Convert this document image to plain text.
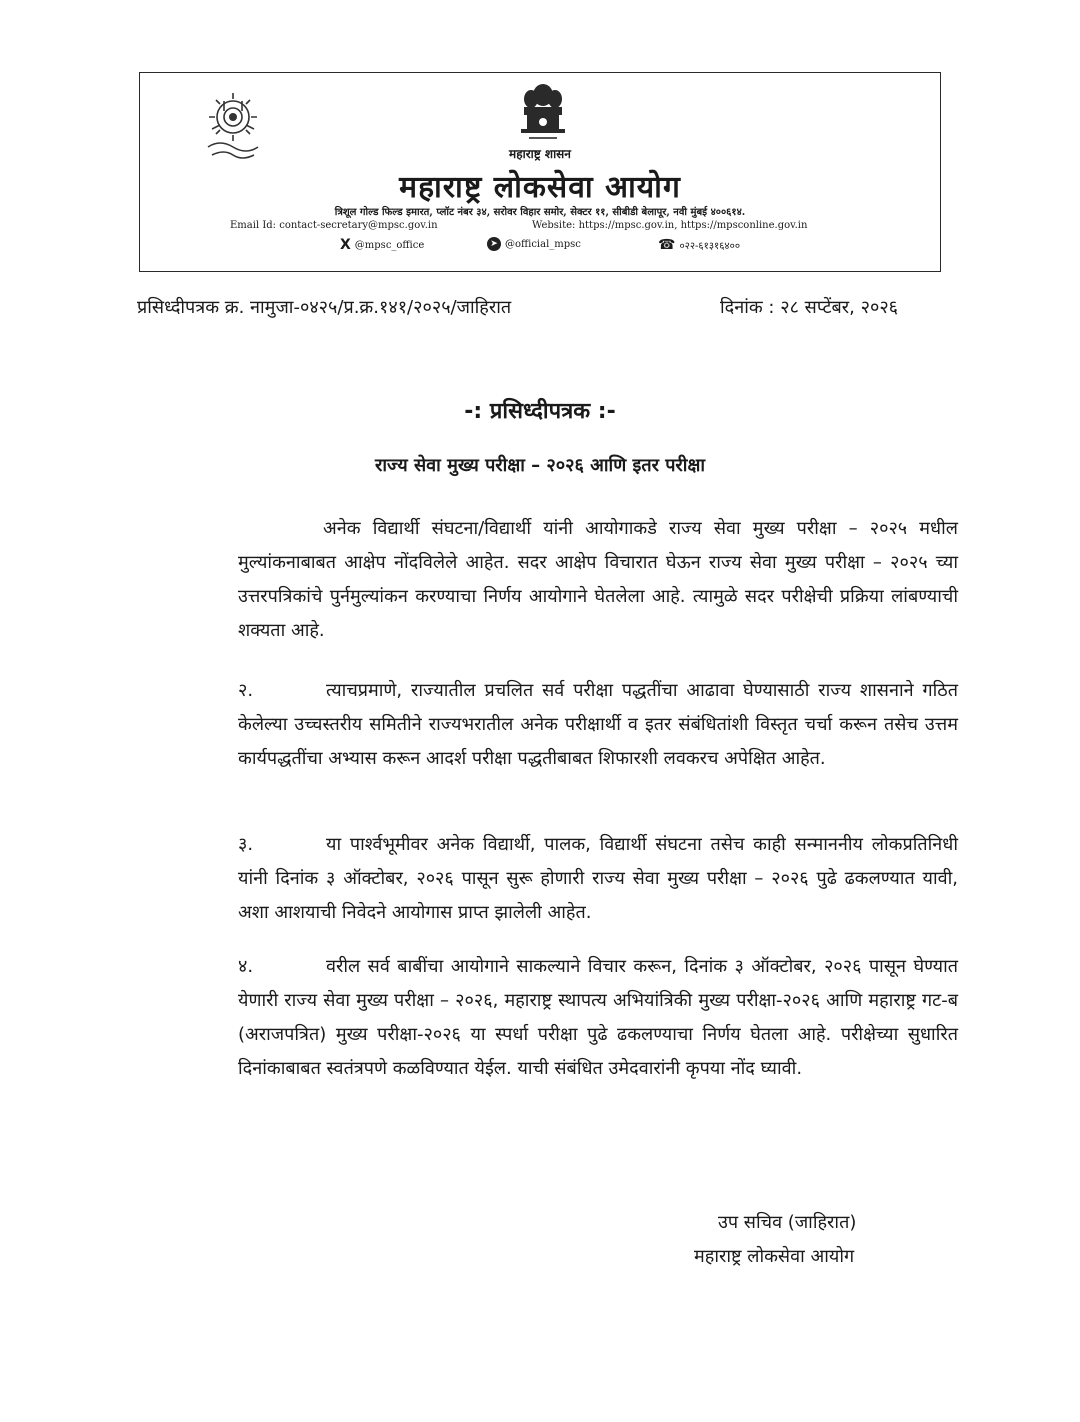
महाराष्ट्र शासन
महाराष्ट्र लोकसेवा आयोग
त्रिशूल गोल्ड फिल्ड इमारत, प्लॉट नंबर ३४, सरोवर विहार समोर, सेक्टर ११, सीबीडी बेलापूर, नवी मुंबई ४००६१४.
Email Id: contact-secretary@mpsc.gov.in	Website: https://mpsc.gov.in, https://mpsconline.gov.in
X @mpsc_office	➤ @official_mpsc	☎ ०२२-६१३१६४००
प्रसिध्दीपत्रक क्र. नामुजा-०४२५/प्र.क्र.१४१/२०२५/जाहिरात	दिनांक : २८ सप्टेंबर, २०२६
-: प्रसिध्दीपत्रक :-
राज्य सेवा मुख्य परीक्षा – २०२६ आणि इतर परीक्षा

अनेक विद्यार्थी संघटना/विद्यार्थी यांनी आयोगाकडे राज्य सेवा मुख्य परीक्षा – २०२५ मधील मुल्यांकनाबाबत आक्षेप नोंदविलेले आहेत. सदर आक्षेप विचारात घेऊन राज्य सेवा मुख्य परीक्षा – २०२५ च्या उत्तरपत्रिकांचे पुर्नमुल्यांकन करण्याचा निर्णय आयोगाने घेतलेला आहे. त्यामुळे सदर परीक्षेची प्रक्रिया लांबण्याची शक्यता आहे.

२.	त्याचप्रमाणे, राज्यातील प्रचलित सर्व परीक्षा पद्धतींचा आढावा घेण्यासाठी राज्य शासनाने गठित केलेल्या उच्चस्तरीय समितीने राज्यभरातील अनेक परीक्षार्थी व इतर संबंधितांशी विस्तृत चर्चा करून तसेच उत्तम कार्यपद्धतींचा अभ्यास करून आदर्श परीक्षा पद्धतीबाबत शिफारशी लवकरच अपेक्षित आहेत.

३.	या पार्श्वभूमीवर अनेक विद्यार्थी, पालक, विद्यार्थी संघटना तसेच काही सन्माननीय लोकप्रतिनिधी यांनी दिनांक ३ ऑक्टोबर, २०२६ पासून सुरू होणारी राज्य सेवा मुख्य परीक्षा – २०२६ पुढे ढकलण्यात यावी, अशा आशयाची निवेदने आयोगास प्राप्त झालेली आहेत.

४.	वरील सर्व बाबींचा आयोगाने साकल्याने विचार करून, दिनांक ३ ऑक्टोबर, २०२६ पासून घेण्यात येणारी राज्य सेवा मुख्य परीक्षा – २०२६, महाराष्ट्र स्थापत्य अभियांत्रिकी मुख्य परीक्षा-२०२६ आणि महाराष्ट्र गट-ब (अराजपत्रित) मुख्य परीक्षा-२०२६ या स्पर्धा परीक्षा पुढे ढकलण्याचा निर्णय घेतला आहे. परीक्षेच्या सुधारित दिनांकाबाबत स्वतंत्रपणे कळविण्यात येईल. याची संबंधित उमेदवारांनी कृपया नोंद घ्यावी.

उप सचिव (जाहिरात)
महाराष्ट्र लोकसेवा आयोग
